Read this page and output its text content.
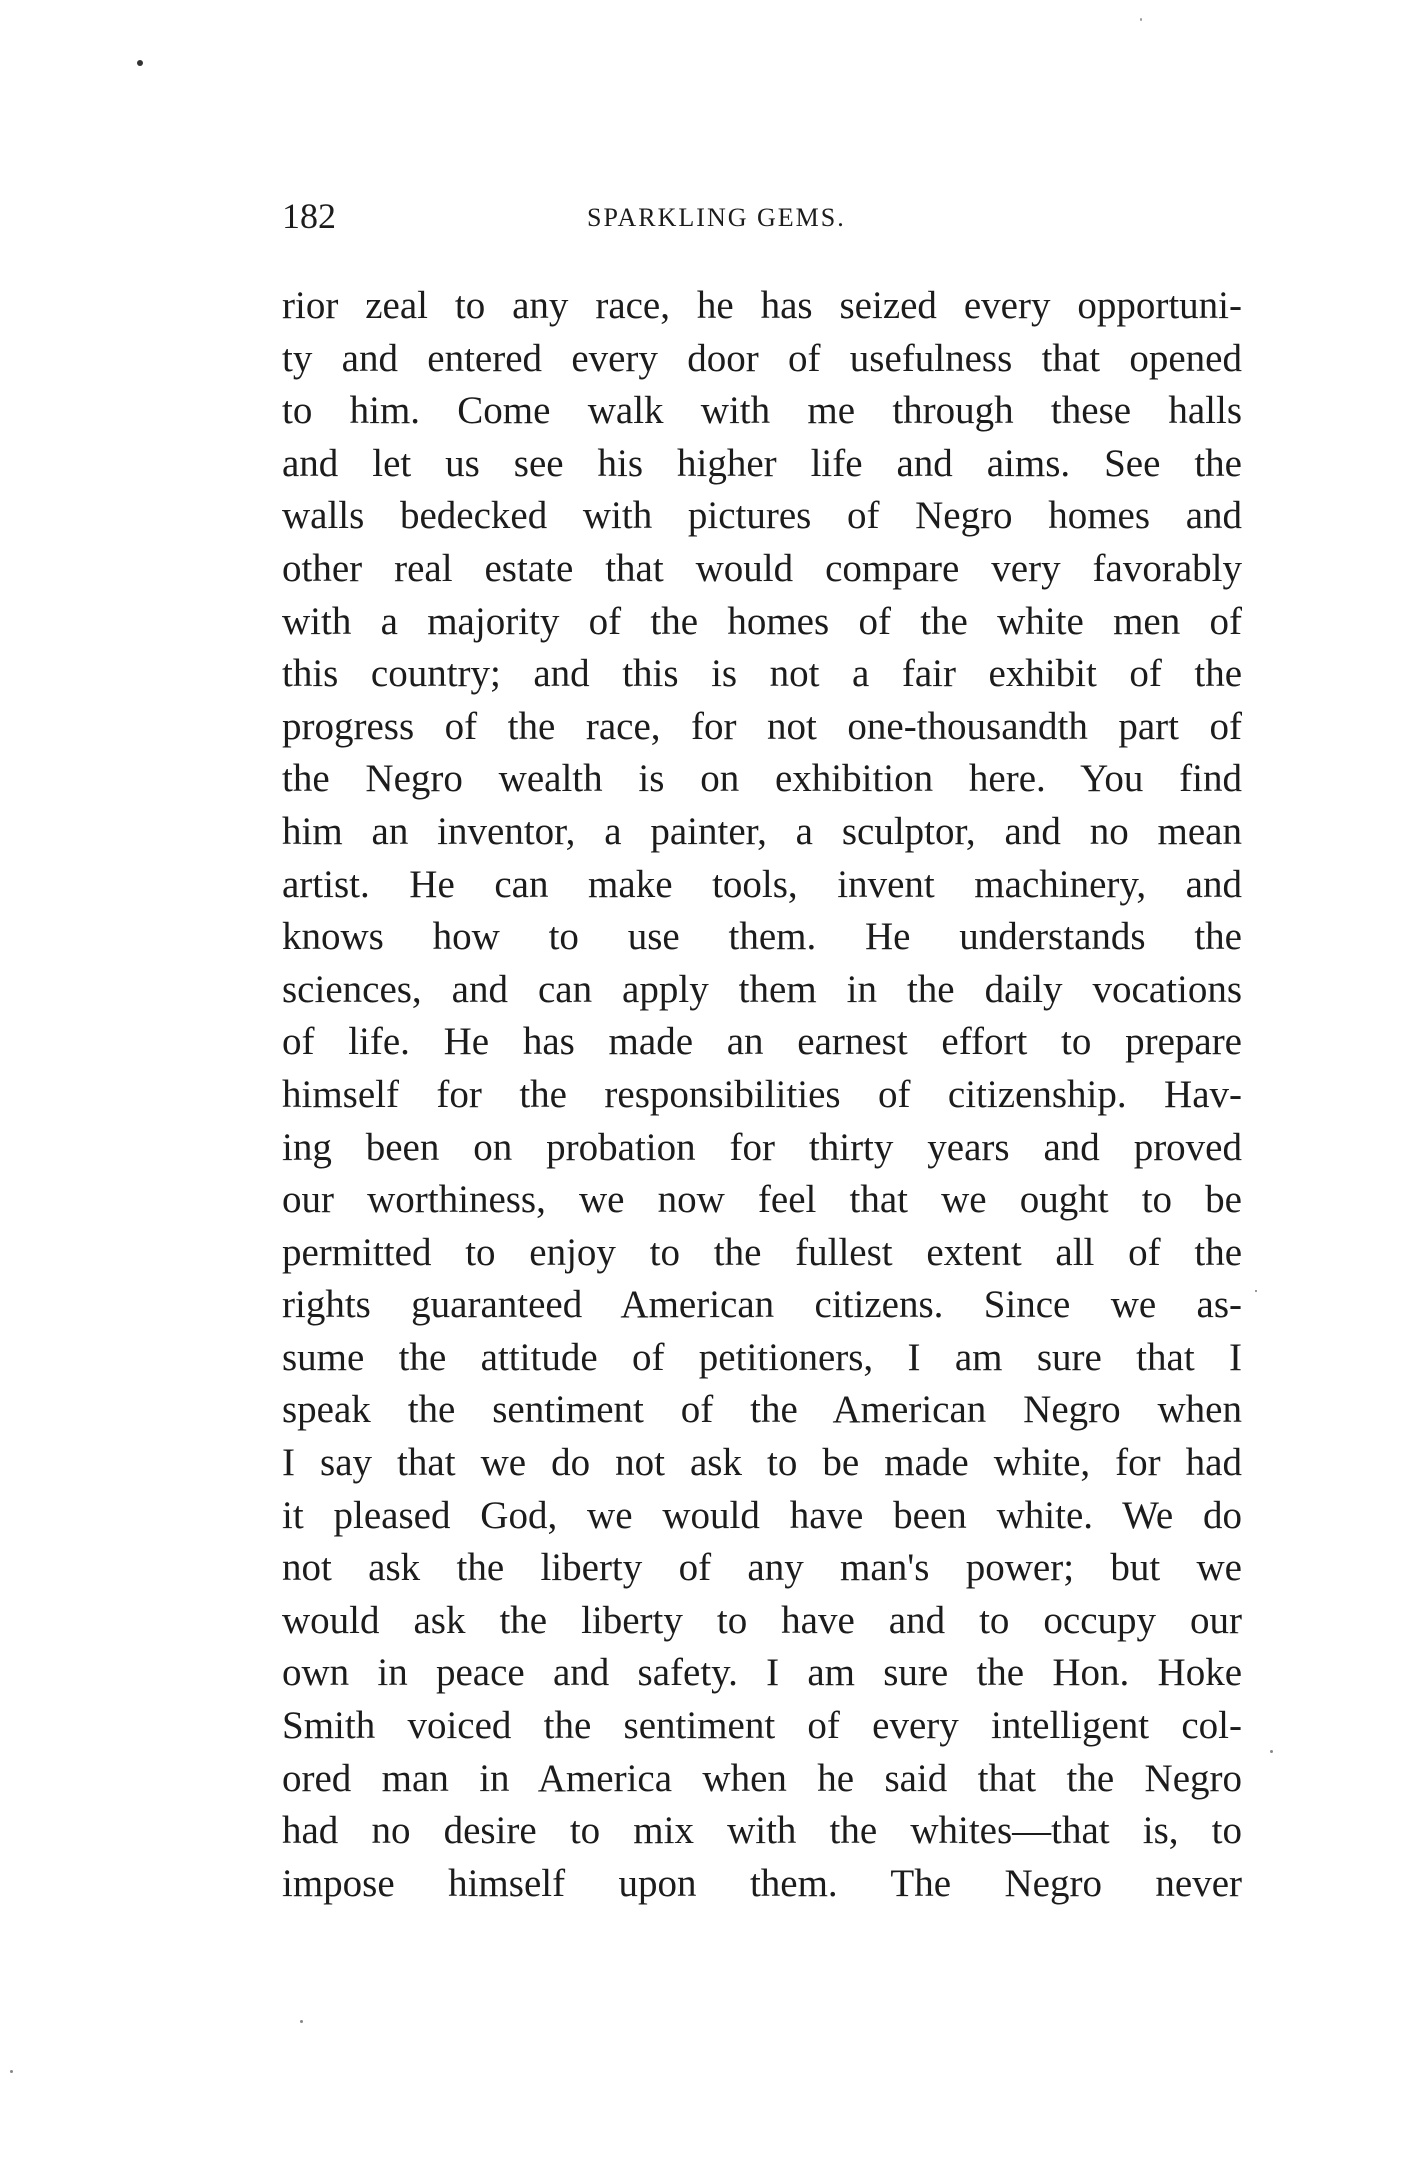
182	SPARKLING GEMS.
rior zeal to any race, he has seized every opportuni-
ty and entered every door of usefulness that opened
to him. Come walk with me through these halls
and let us see his higher life and aims. See the
walls bedecked with pictures of Negro homes and
other real estate that would compare very favorably
with a majority of the homes of the white men of
this country; and this is not a fair exhibit of the
progress of the race, for not one-thousandth part of
the Negro wealth is on exhibition here. You find
him an inventor, a painter, a sculptor, and no mean
artist. He can make tools, invent machinery, and
knows how to use them. He understands the
sciences, and can apply them in the daily vocations
of life. He has made an earnest effort to prepare
himself for the responsibilities of citizenship. Hav-
ing been on probation for thirty years and proved
our worthiness, we now feel that we ought to be
permitted to enjoy to the fullest extent all of the
rights guaranteed American citizens. Since we as-
sume the attitude of petitioners, I am sure that I
speak the sentiment of the American Negro when
I say that we do not ask to be made white, for had
it pleased God, we would have been white. We do
not ask the liberty of any man's power; but we
would ask the liberty to have and to occupy our
own in peace and safety. I am sure the Hon. Hoke
Smith voiced the sentiment of every intelligent col-
ored man in America when he said that the Negro
had no desire to mix with the whites—that is, to
impose himself upon them. The Negro never
